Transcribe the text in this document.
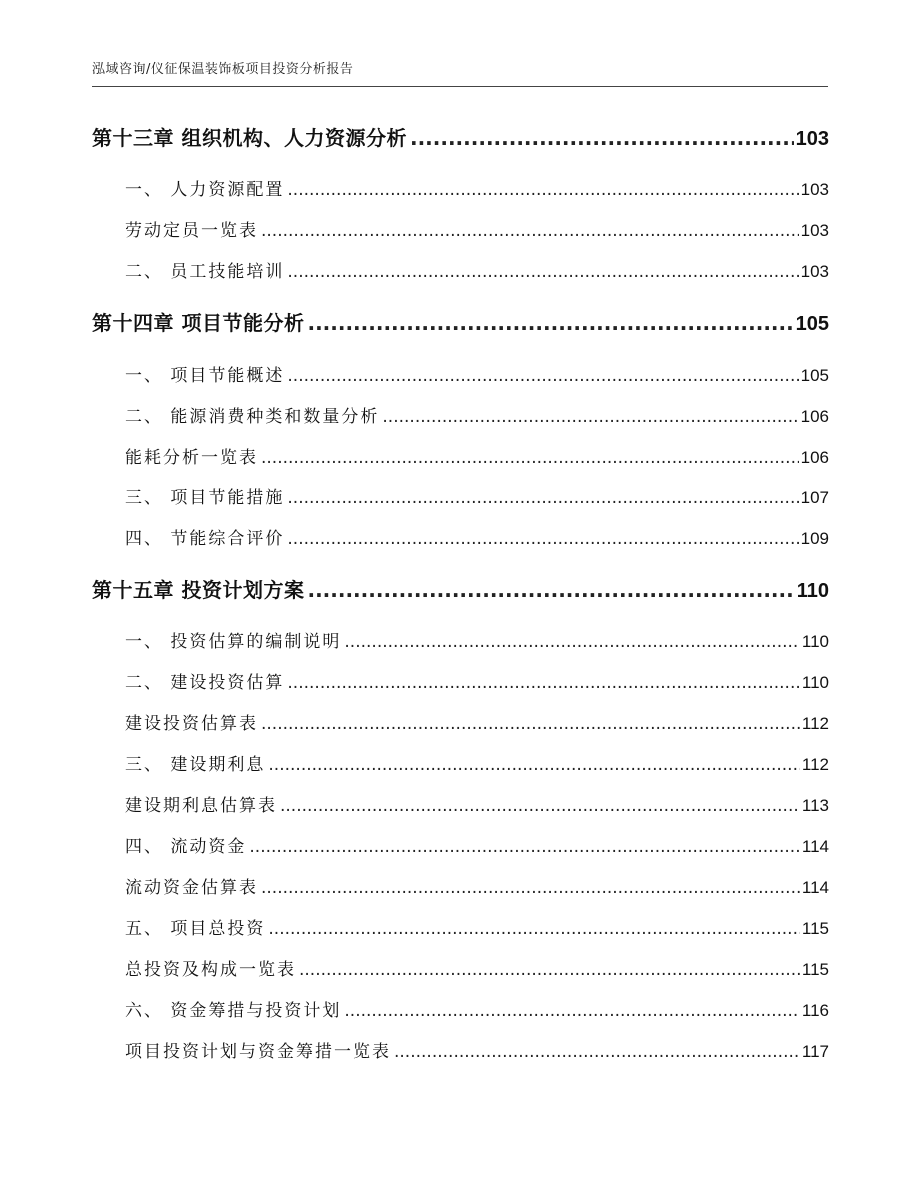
泓域咨询/仪征保温装饰板项目投资分析报告
第十三章 组织机构、人力资源分析 .....	103
一、 人力资源配置 .....	103
劳动定员一览表 .....	103
二、 员工技能培训 .....	103
第十四章 项目节能分析 .....	105
一、 项目节能概述 .....	105
二、 能源消费种类和数量分析 .....	106
能耗分析一览表 .....	106
三、 项目节能措施 .....	107
四、 节能综合评价 .....	109
第十五章 投资计划方案 .....	110
一、 投资估算的编制说明 .....	110
二、 建设投资估算 .....	110
建设投资估算表 .....	112
三、 建设期利息 .....	112
建设期利息估算表 .....	113
四、 流动资金 .....	114
流动资金估算表 .....	114
五、 项目总投资 .....	115
总投资及构成一览表 .....	115
六、 资金筹措与投资计划 .....	116
项目投资计划与资金筹措一览表 .....	117
